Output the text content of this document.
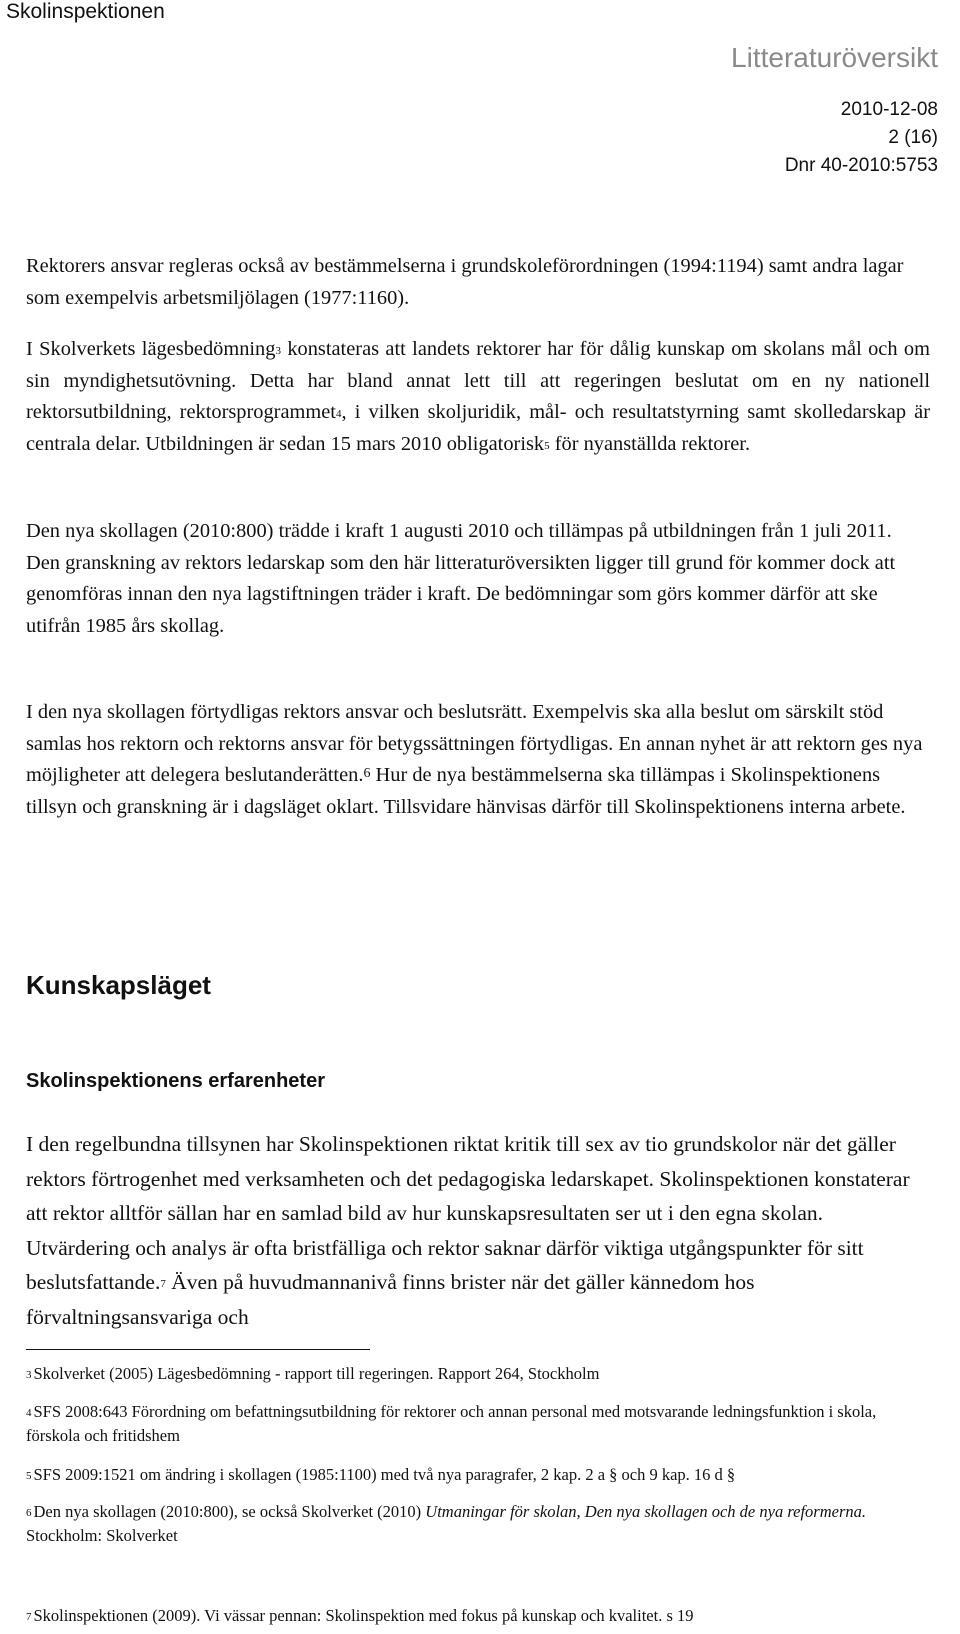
Skolinspektionen
Litteraturöversikt
2010-12-08
2 (16)
Dnr 40-2010:5753

Rektorers ansvar regleras också av bestämmelserna i grundskoleförordningen (1994:1194) samt andra lagar som exempelvis arbetsmiljölagen (1977:1160).

I Skolverkets lägesbedömning$^3$ konstateras att landets rektorer har för dålig kunskap om skolans mål och om sin myndighetsutövning. Detta har bland annat lett till att regeringen beslutat om en ny nationell rektorsutbildning, rektorsprogrammet$^4$, i vilken skoljuridik, mål- och resultatstyrning samt skolledarskap är centrala delar. Utbildningen är sedan 15 mars 2010 obligatorisk$^5$ för nyanställda rektorer.

Den nya skollagen (2010:800) trädde i kraft 1 augusti 2010 och tillämpas på utbildningen från 1 juli 2011. Den granskning av rektors ledarskap som den här litteraturöversikten ligger till grund för kommer dock att genomföras innan den nya lagstiftningen träder i kraft. De bedömningar som görs kommer därför att ske utifrån 1985 års skollag.

I den nya skollagen förtydligas rektors ansvar och beslutsrätt. Exempelvis ska alla beslut om särskilt stöd samlas hos rektorn och rektorns ansvar för betygssättningen förtydligas. En annan nyhet är att rektorn ges nya möjligheter att delegera beslutanderätten.$^6$ Hur de nya bestämmelserna ska tillämpas i Skolinspektionens tillsyn och granskning är i dagsläget oklart. Tillsvidare hänvisas därför till Skolinspektionens interna arbete.

Kunskapsläget
Skolinspektionens erfarenheter

I den regelbundna tillsynen har Skolinspektionen riktat kritik till sex av tio grundskolor när det gäller rektors förtrogenhet med verksamheten och det pedagogiska ledarskapet. Skolinspektionen konstaterar att rektor alltför sällan har en samlad bild av hur kunskapsresultaten ser ut i den egna skolan. Utvärdering och analys är ofta bristfälliga och rektor saknar därför viktiga utgångspunkter för sitt beslutsfattande.$^7$ Även på huvudmannanivå finns brister när det gäller kännedom hos förvaltningsansvariga och

$^3$ Skolverket (2005) Lägesbedömning - rapport till regeringen. Rapport 264, Stockholm
$^4$ SFS 2008:643 Förordning om befattningsutbildning för rektorer och annan personal med motsvarande ledningsfunktion i skola, förskola och fritidshem
$^5$ SFS 2009:1521 om ändring i skollagen (1985:1100) med två nya paragrafer, 2 kap. 2 a § och 9 kap. 16 d §
$^6$ Den nya skollagen (2010:800), se också Skolverket (2010) Utmaningar för skolan, Den nya skollagen och de nya reformerna. Stockholm: Skolverket
$^7$ Skolinspektionen (2009). Vi vässar pennan: Skolinspektion med fokus på kunskap och kvalitet. s 19
